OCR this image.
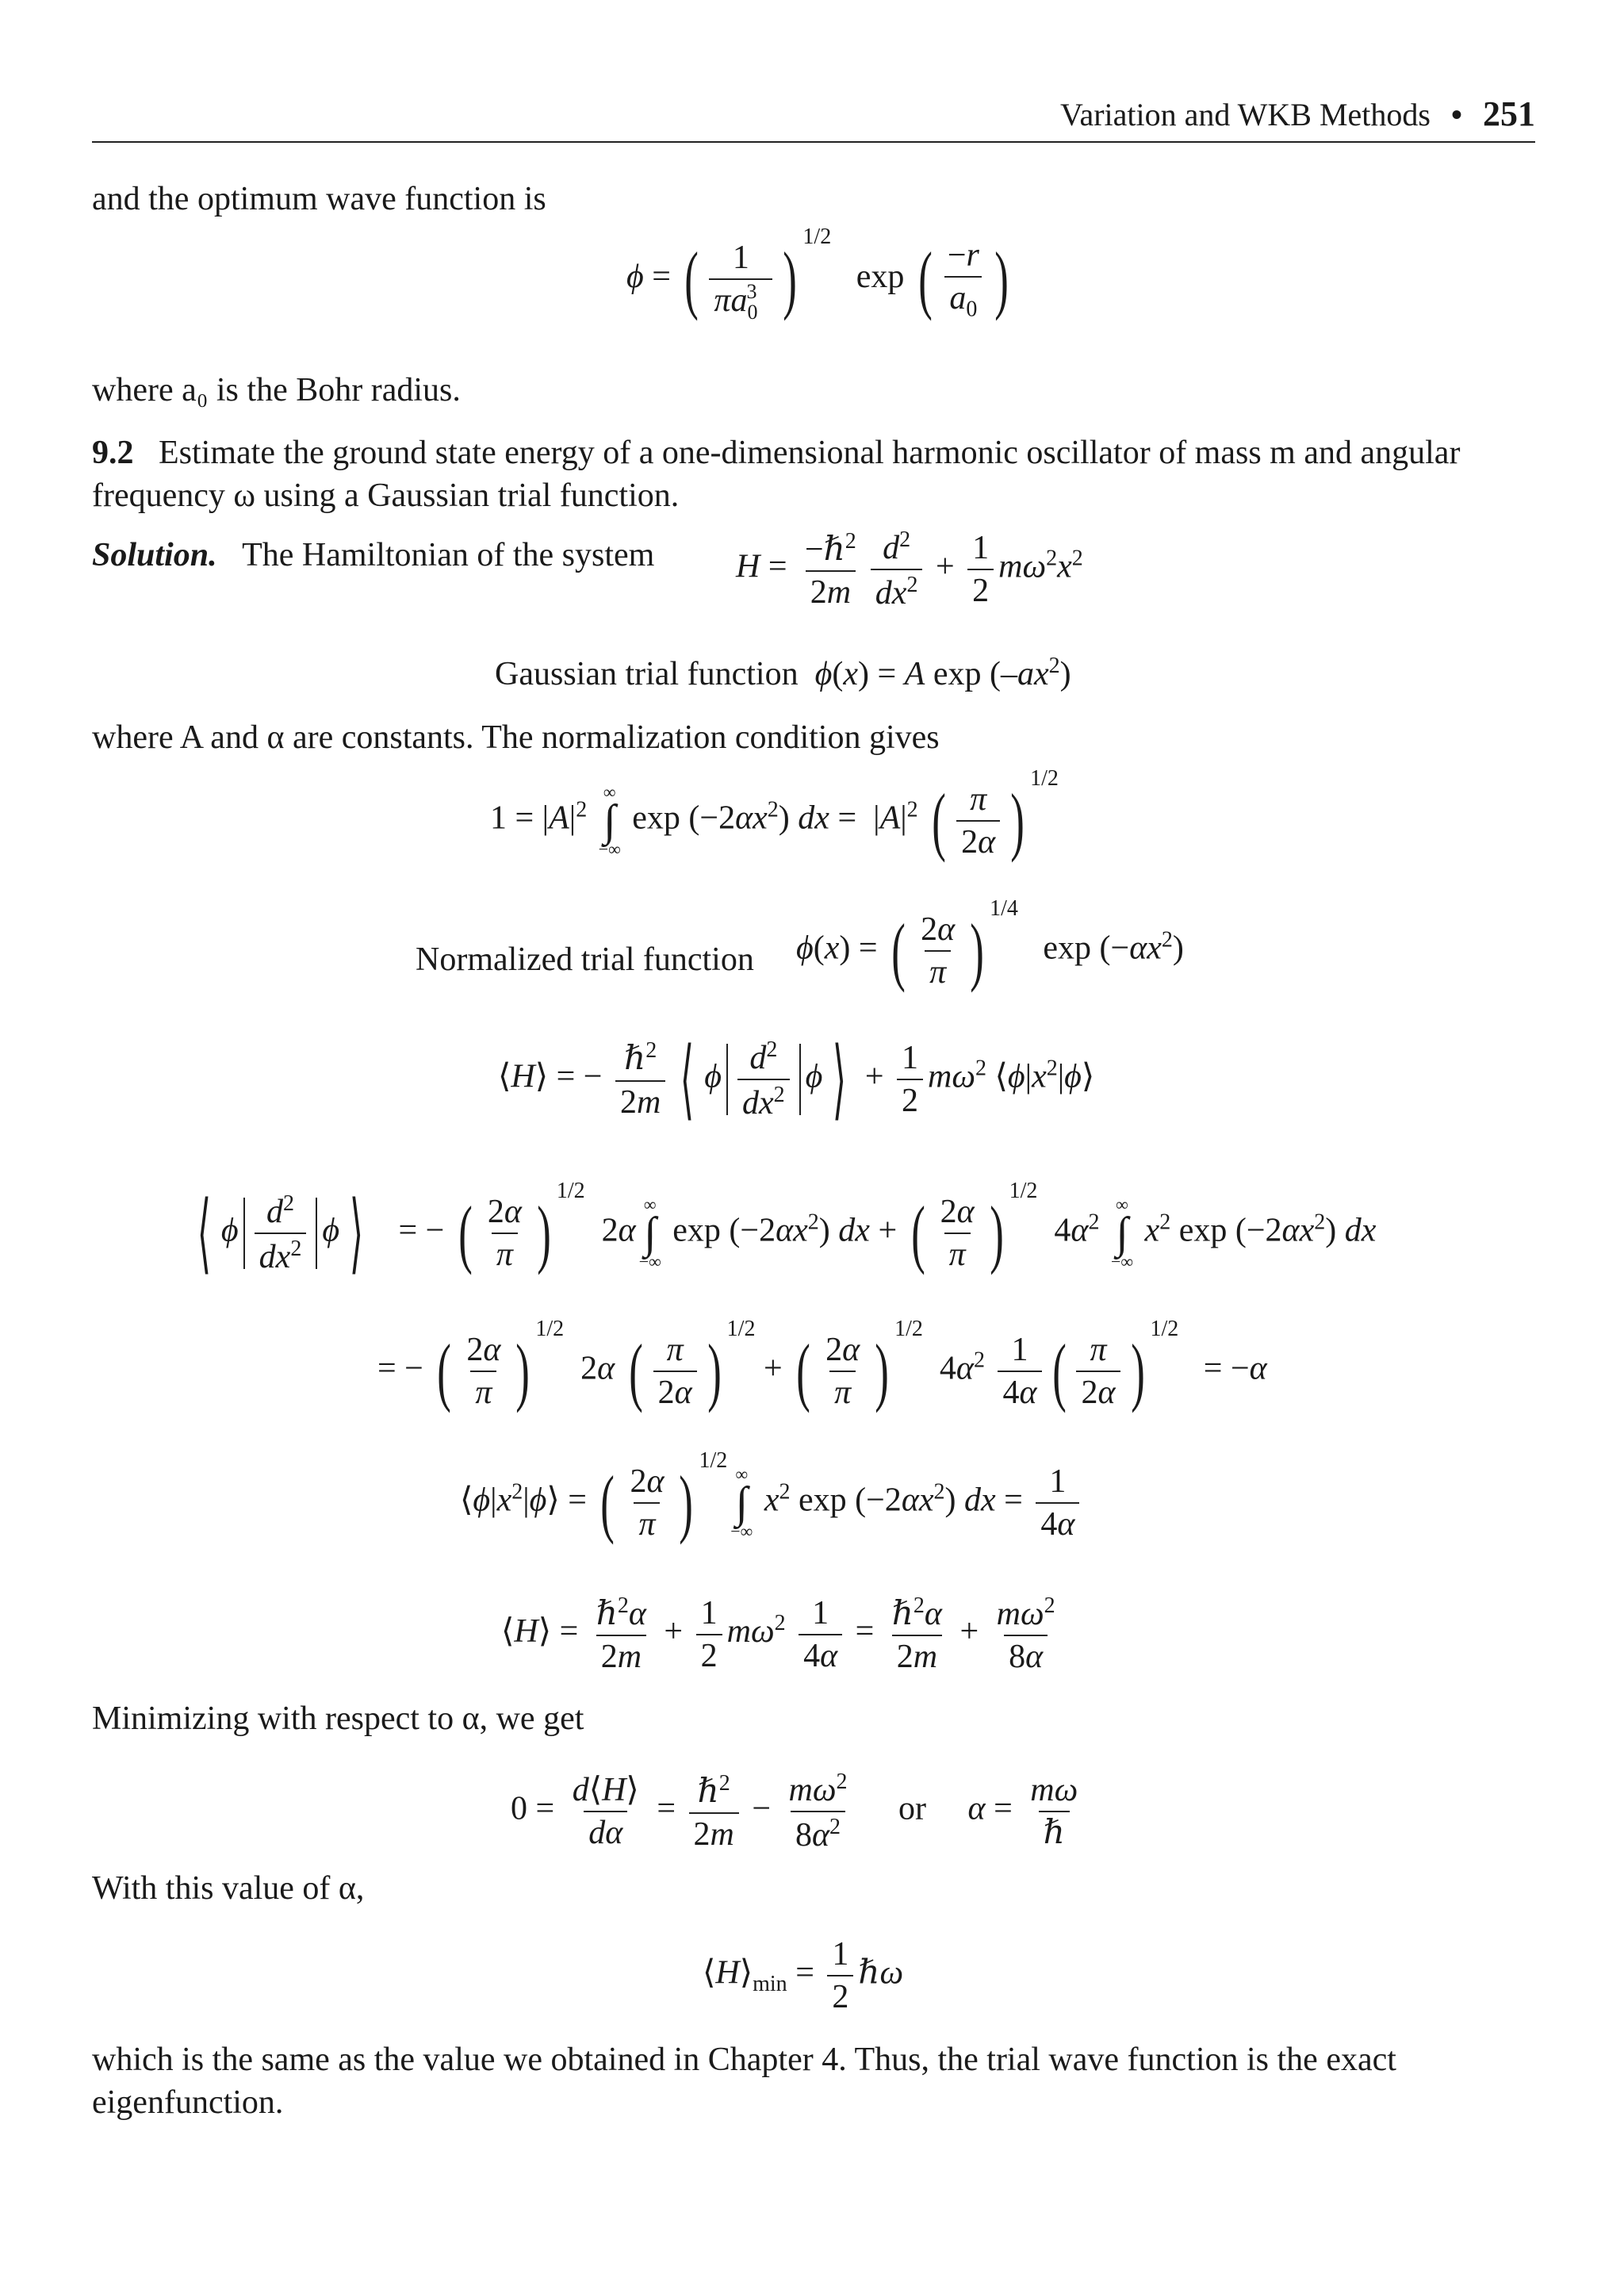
Variation and WKB Methods • 251
and the optimum wave function is
ϕ = ( $\frac{1}{\pi a_0^3}$ ) $^{1/2}$   exp ( $\frac{-r}{a_0}$ )
where a₀ is the Bohr radius.
9.2 Estimate the ground state energy of a one-dimensional harmonic oscillator of mass m and angular frequency ω using a Gaussian trial function.
Solution. The Hamiltonian of the system $H = \frac{-\hbar^2}{2m} \frac{d^2}{dx^2} + \frac{1}{2} m\omega^2x^2$
Gaussian trial function ϕ(x) = A $\exp (-ax^2)$
where A and α are constants. The normalization condition gives
$1 = |A|^2$
∞
∫
−∞
$\exp (-2\alpha x^2)$ dx =  $|A|^2$ ( $\frac{\pi}{2\alpha}$ ) $^{1/2}$
Normalized trial function ϕ(x) = ( $\frac{2\alpha}{\pi}$ ) $^{1/4}$   $\exp (-\alpha x^2)$
⟨H⟩ = − $\frac{\hbar^2}{2m}$ ⟨ ϕ $\frac{d^2}{dx^2}$ ϕ ⟩ + $\frac{1}{2} m\omega^2$ $⟨\phi|x^2|\phi⟩$
⟨ ϕ $\frac{d^2}{dx^2}$ ϕ ⟩   = − ( $\frac{2\alpha}{\pi}$ ) $^{1/2}$  2α
∞
∫
−∞
$\exp (-2\alpha x^2)$ dx + ( $\frac{2\alpha}{\pi}$ ) $^{1/2}$  $4\alpha^2$
∞
∫
−∞
$x^2$ $\exp (-2\alpha x^2)$ dx
= − ( $\frac{2\alpha}{\pi}$ ) $^{1/2}$  2α ( $\frac{\pi}{2\alpha}$ ) $^{1/2}$ + ( $\frac{2\alpha}{\pi}$ ) $^{1/2}$  $4\alpha^2 \frac{1}{4\alpha}$ ( $\frac{\pi}{2\alpha}$ ) $^{1/2}$   = −α
$⟨\phi|x^2|\phi⟩$ = ( $\frac{2\alpha}{\pi}$ ) $^{1/2}$
∞
∫
−∞
$x^2$ $\exp (-2\alpha x^2)$ dx = $\frac{1}{4\alpha}$
⟨H⟩ = $\frac{\hbar^2\alpha}{2m} + \frac{1}{2} m\omega^2 \frac{1}{4\alpha} = \frac{\hbar^2\alpha}{2m} + \frac{m\omega^2}{8\alpha}$
Minimizing with respect to α, we get
$0 = \frac{d⟨H⟩}{d\alpha} = \frac{\hbar^2}{2m} - \frac{m\omega^2}{8\alpha^2}$ or $\alpha = \frac{m\omega}{\text{ℏ}}$
With this value of α,
$⟨H⟩_{min} = \frac{1}{2}$ ℏω
which is the same as the value we obtained in Chapter 4. Thus, the trial wave function is the exact eigenfunction.
